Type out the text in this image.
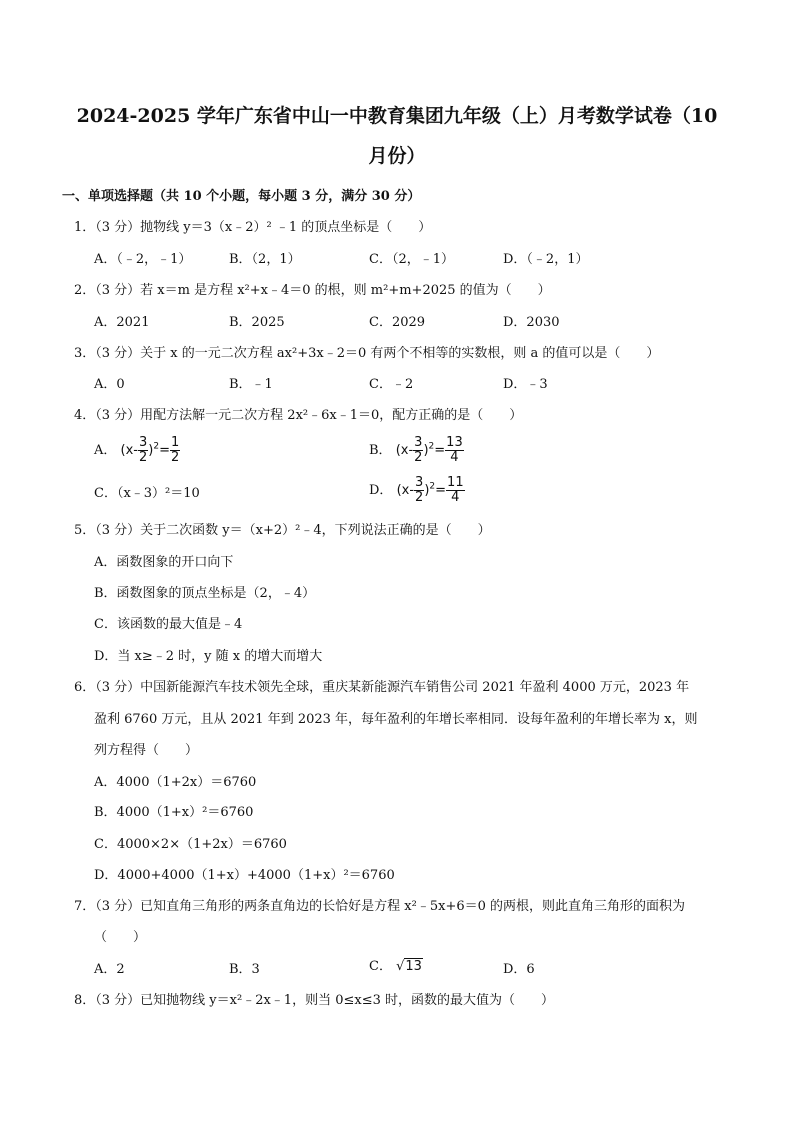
2024-2025 学年广东省中山一中教育集团九年级（上）月考数学试卷（10
月份）
一、单项选择题（共 10 个小题，每小题 3 分，满分 30 分）
1．（3 分）抛物线 y＝3（x﹣2）² ﹣1 的顶点坐标是（　　）
A．（﹣2，﹣1）	B．（2，1）	C．（2，﹣1）	D．（﹣2，1）
2．（3 分）若 x＝m 是方程 x²+x﹣4＝0 的根，则 m²+m+2025 的值为（　　）
A．2021	B．2025	C．2029	D．2030
3．（3 分）关于 x 的一元二次方程 ax²+3x﹣2＝0 有两个不相等的实数根，则 a 的值可以是（　　）
A．0	B．﹣1	C．﹣2	D．﹣3
4．（3 分）用配方法解一元二次方程 2x²﹣6x﹣1＝0，配方正确的是（　　）
A． $(x- \frac{3}{2} )^2= \frac{1}{2}$	B． $(x- \frac{3}{2} )^2= \frac{13}{4}$
C．（x﹣3）²＝10	D． $(x- \frac{3}{2} )^2= \frac{11}{4}$
5．（3 分）关于二次函数 y＝（x+2）²﹣4，下列说法正确的是（　　）
A．函数图象的开口向下
B．函数图象的顶点坐标是（2，﹣4）
C．该函数的最大值是﹣4
D．当 x≥﹣2 时，y 随 x 的增大而增大
6．（3 分）中国新能源汽车技术领先全球，重庆某新能源汽车销售公司 2021 年盈利 4000 万元，2023 年
盈利 6760 万元，且从 2021 年到 2023 年，每年盈利的年增长率相同．设每年盈利的年增长率为 x，则
列方程得（　　）
A．4000（1+2x）＝6760
B．4000（1+x）²＝6760
C．4000×2×（1+2x）＝6760
D．4000+4000（1+x）+4000（1+x）²＝6760
7．（3 分）已知直角三角形的两条直角边的长恰好是方程 x²﹣5x+6＝0 的两根，则此直角三角形的面积为
（　　）
A．2	B．3	C． √13	D．6
8．（3 分）已知抛物线 y＝x²﹣2x﹣1，则当 0≤x≤3 时，函数的最大值为（　　）
